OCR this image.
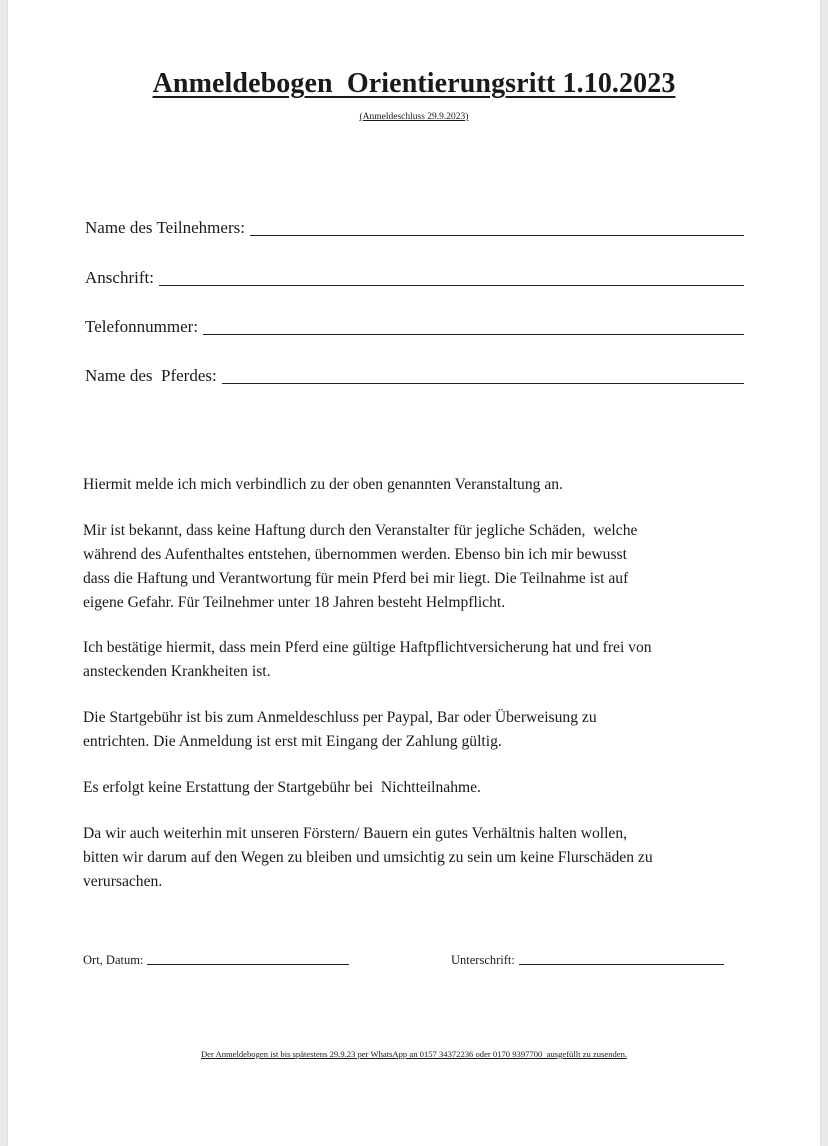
Anmeldebogen  Orientierungsritt 1.10.2023
(Anmeldeschluss 29.9.2023)
Name des Teilnehmers:
Anschrift:
Telefonnummer:
Name des  Pferdes:
Hiermit melde ich mich verbindlich zu der oben genannten Veranstaltung an.
Mir ist bekannt, dass keine Haftung durch den Veranstalter für jegliche Schäden,  welche
während des Aufenthaltes entstehen, übernommen werden. Ebenso bin ich mir bewusst
dass die Haftung und Verantwortung für mein Pferd bei mir liegt. Die Teilnahme ist auf
eigene Gefahr. Für Teilnehmer unter 18 Jahren besteht Helmpflicht.
Ich bestätige hiermit, dass mein Pferd eine gültige Haftpflichtversicherung hat und frei von
ansteckenden Krankheiten ist.
Die Startgebühr ist bis zum Anmeldeschluss per Paypal, Bar oder Überweisung zu
entrichten. Die Anmeldung ist erst mit Eingang der Zahlung gültig.
Es erfolgt keine Erstattung der Startgebühr bei  Nichtteilnahme.
Da wir auch weiterhin mit unseren Förstern/ Bauern ein gutes Verhältnis halten wollen,
bitten wir darum auf den Wegen zu bleiben und umsichtig zu sein um keine Flurschäden zu
verursachen.
Ort, Datum:	Unterschrift:
Der Anmeldebogen ist bis spätestens 29.9.23 per WhatsApp an 0157 34372236 oder 0170 9397700  ausgefüllt zu zusenden.
